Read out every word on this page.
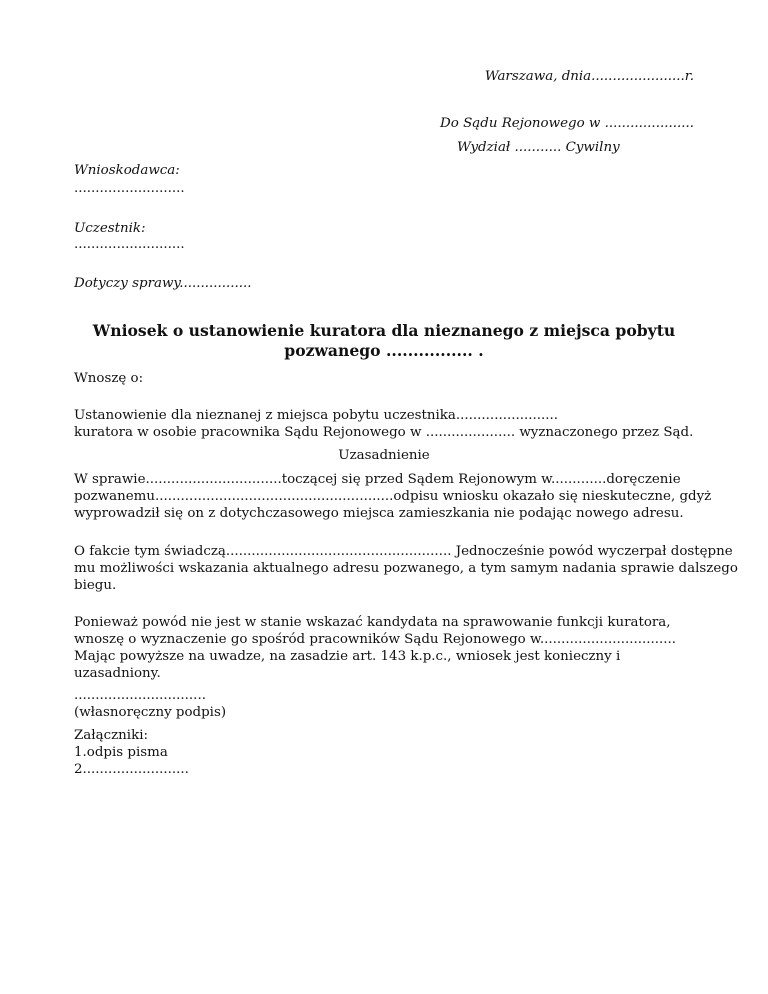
Warszawa, dnia......................r.
Do Sądu Rejonowego w .....................
Wydział ........... Cywilny
Wnioskodawca:
..........................
Uczestnik:
..........................
Dotyczy sprawy.................
Wniosek o ustanowienie kuratora dla nieznanego z miejsca pobytu
pozwanego ................ .
Wnoszę o:
Ustanowienie dla nieznanej z miejsca pobytu uczestnika........................
kuratora w osobie pracownika Sądu Rejonowego w ..................... wyznaczonego przez Sąd.
Uzasadnienie
W sprawie................................toczącej się przed Sądem Rejonowym w.............doręczenie
pozwanemu........................................................odpisu wniosku okazało się nieskuteczne, gdyż
wyprowadził się on z dotychczasowego miejsca zamieszkania nie podając nowego adresu.
O fakcie tym świadczą..................................................... Jednocześnie powód wyczerpał dostępne
mu możliwości wskazania aktualnego adresu pozwanego, a tym samym nadania sprawie dalszego
biegu.
Ponieważ powód nie jest w stanie wskazać kandydata na sprawowanie funkcji kuratora,
wnoszę o wyznaczenie go spośród pracowników Sądu Rejonowego w................................
Mając powyższe na uwadze, na zasadzie art. 143 k.p.c., wniosek jest konieczny i
uzasadniony.
...............................
(własnoręczny podpis)
Załączniki:
1.odpis pisma
2.........................
